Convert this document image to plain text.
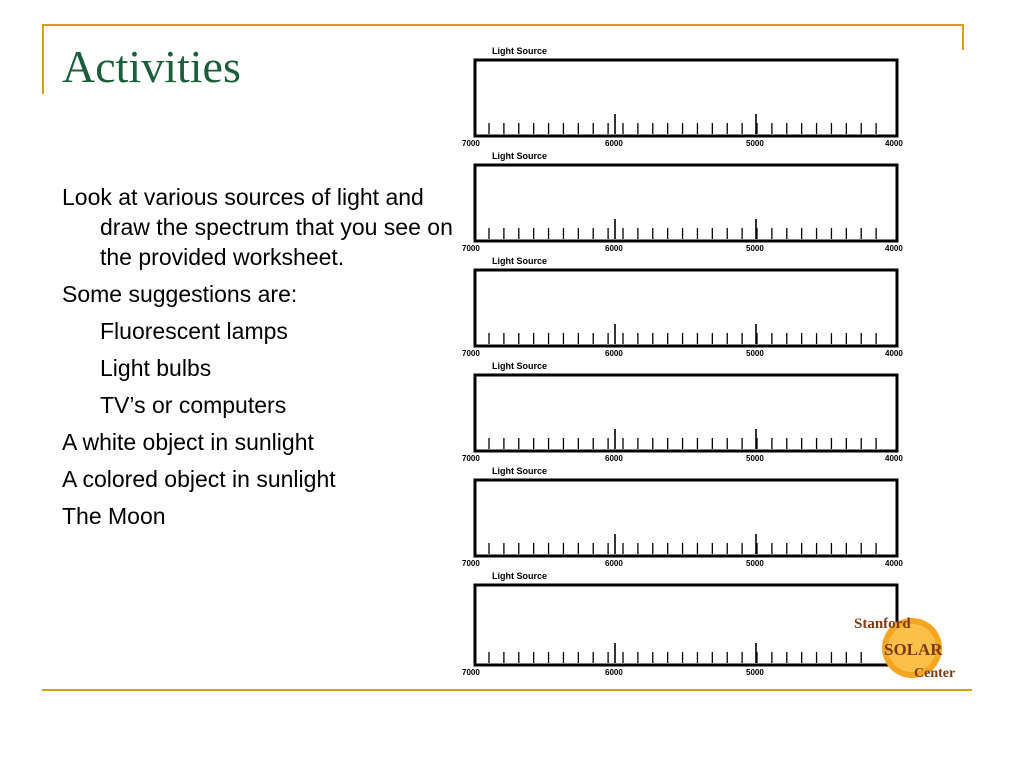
Activities

Look at various sources of light and draw the spectrum that you see on the provided worksheet.

Some suggestions are:

Fluorescent lamps

Light bulbs

TV’s or computers

A white object in sunlight

A colored object in sunlight

The Moon

Light Source
7000	6000	5000	4000
Light Source
7000	6000	5000	4000
Light Source
7000	6000	5000	4000
Light Source
7000	6000	5000	4000
Light Source
7000	6000	5000	4000
Light Source
7000	6000	5000
Stanford
SOLAR
Center
